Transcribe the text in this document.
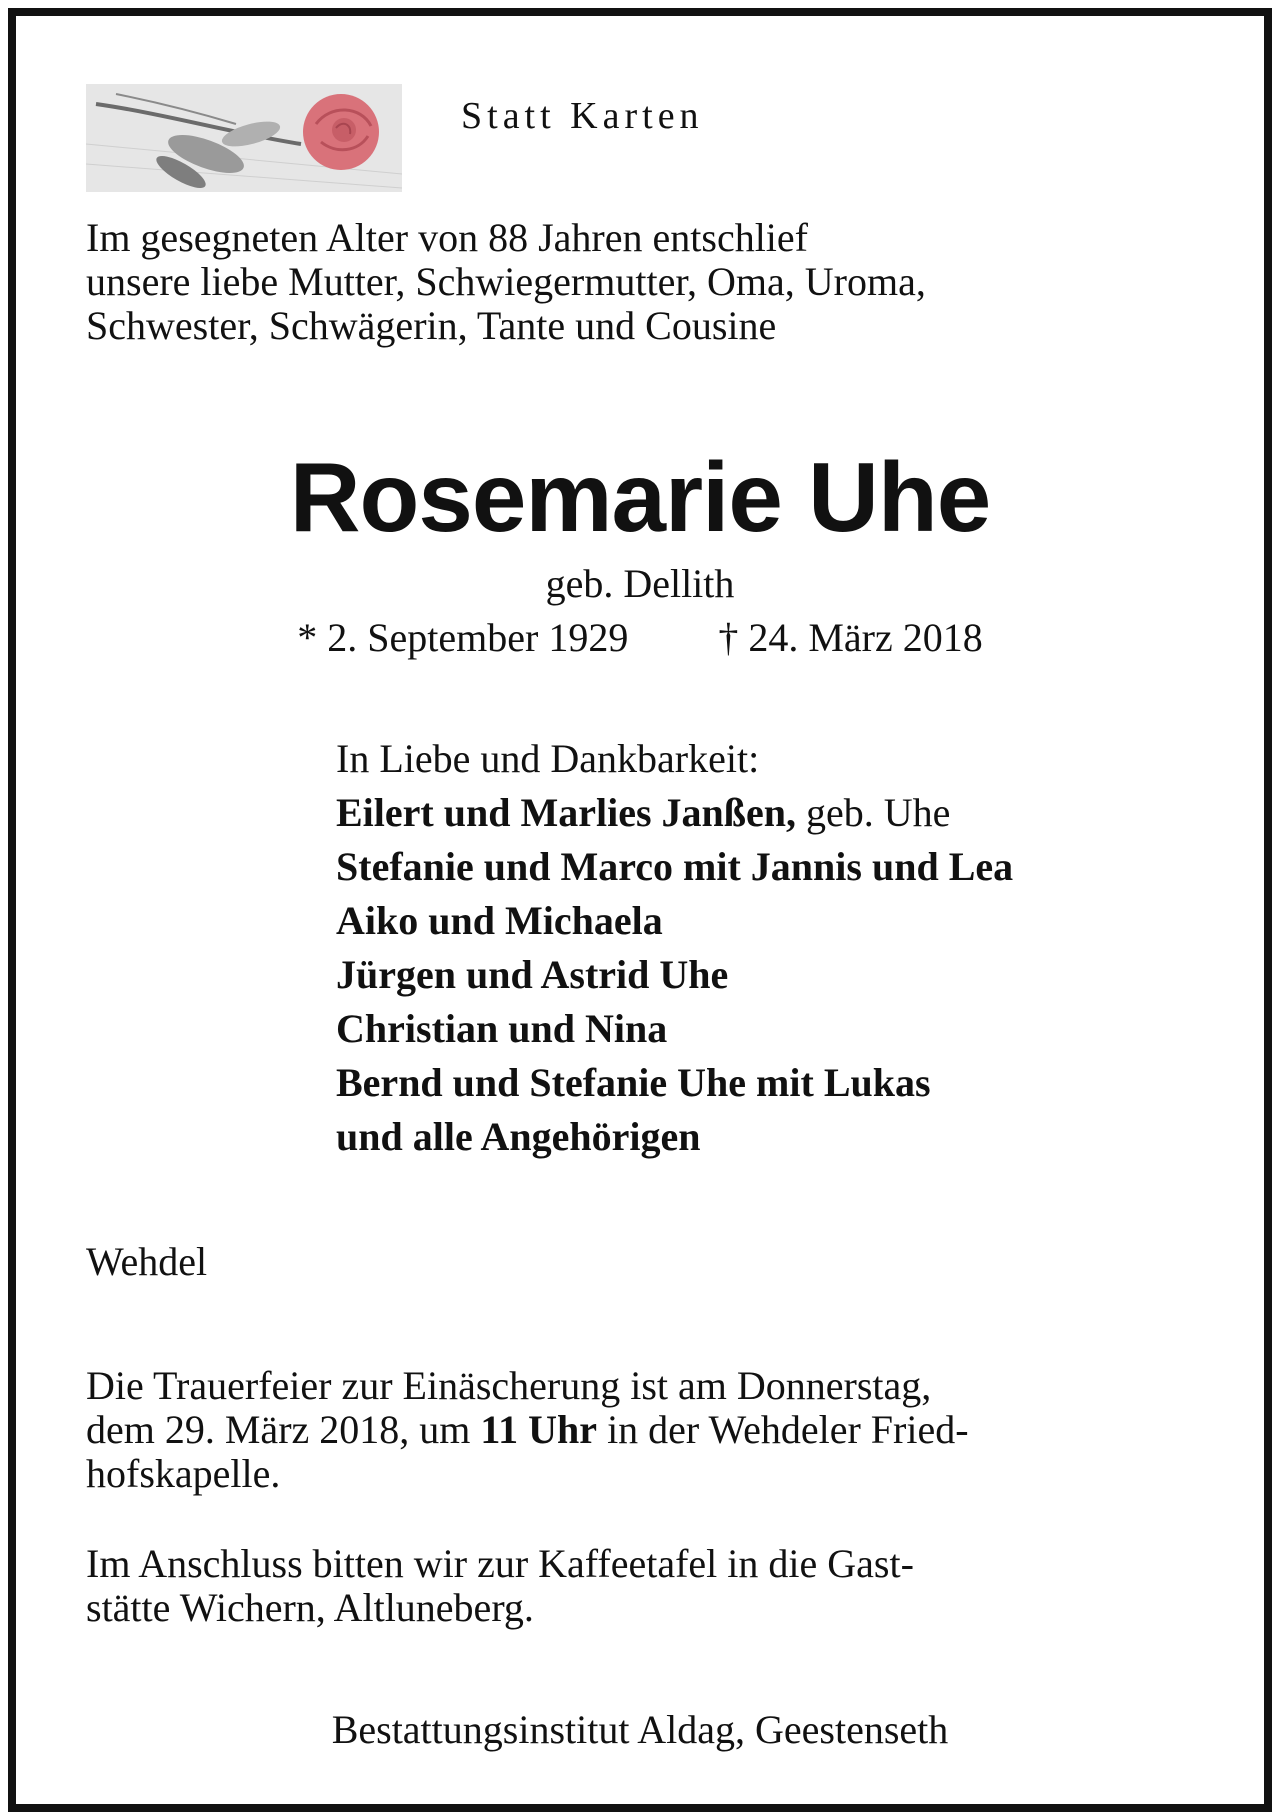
Statt Karten
Im gesegneten Alter von 88 Jahren entschlief
unsere liebe Mutter, Schwiegermutter, Oma, Uroma,
Schwester, Schwägerin, Tante und Cousine
Rosemarie Uhe
geb. Dellith
* 2. September 1929 † 24. März 2018
In Liebe und Dankbarkeit:
Eilert und Marlies Janßen, geb. Uhe
Stefanie und Marco mit Jannis und Lea
Aiko und Michaela
Jürgen und Astrid Uhe
Christian und Nina
Bernd und Stefanie Uhe mit Lukas
und alle Angehörigen
Wehdel
Die Trauerfeier zur Einäscherung ist am Donnerstag,
dem 29. März 2018, um 11 Uhr in der Wehdeler Fried-
hofskapelle.
Im Anschluss bitten wir zur Kaffeetafel in die Gast-
stätte Wichern, Altluneberg.
Bestattungsinstitut Aldag, Geestenseth
